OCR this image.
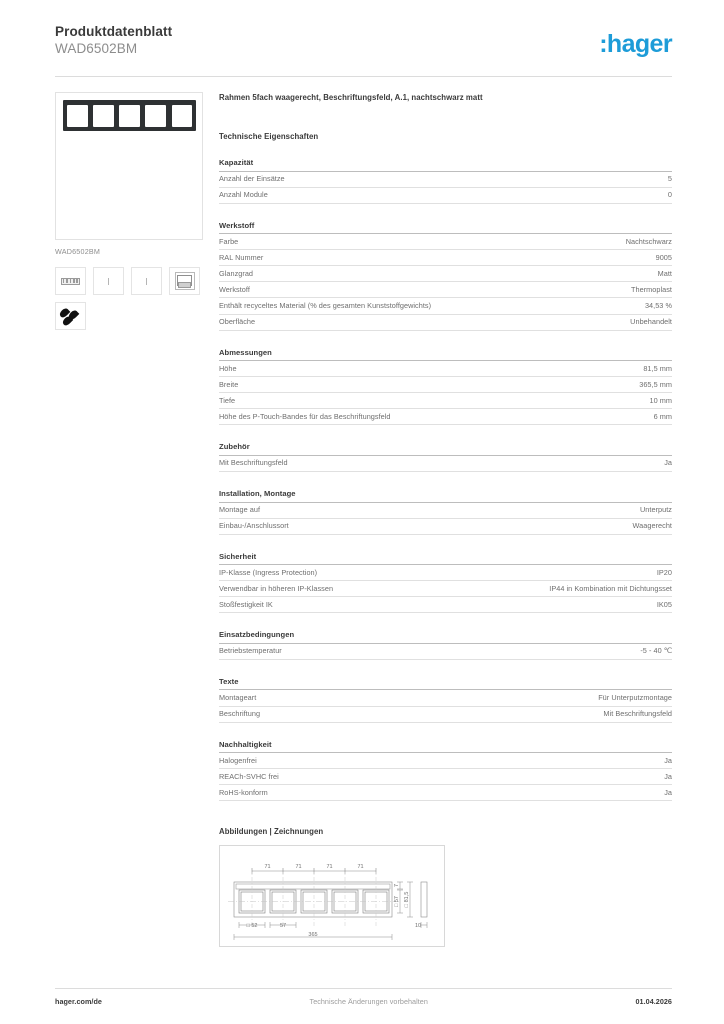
Produktdatenblatt
WAD6502BM	:hager
WAD6502BM
Rahmen 5fach waagerecht, Beschriftungsfeld, A.1, nachtschwarz matt
Technische Eigenschaften
Kapazität
Anzahl der Einsätze	5
Anzahl Module	0
Werkstoff
Farbe	Nachtschwarz
RAL Nummer	9005
Glanzgrad	Matt
Werkstoff	Thermoplast
Enthält recyceltes Material (% des gesamten Kunststoffgewichts)	34,53 %
Oberfläche	Unbehandelt
Abmessungen
Höhe	81,5 mm
Breite	365,5 mm
Tiefe	10 mm
Höhe des P-Touch-Bandes für das Beschriftungsfeld	6 mm
Zubehör
Mit Beschriftungsfeld	Ja
Installation, Montage
Montage auf	Unterputz
Einbau-/Anschlussort	Waagerecht
Sicherheit
IP-Klasse (Ingress Protection)	IP20
Verwendbar in höheren IP-Klassen	IP44 in Kombination mit Dichtungsset
Stoßfestigkeit IK	IK05
Einsatzbedingungen
Betriebstemperatur	-5 - 40 ℃
Texte
Montageart	Für Unterputzmontage
Beschriftung	Mit Beschriftungsfeld
Nachhaltigkeit
Halogenfrei	Ja
REACh-SVHC frei	Ja
RoHS-konform	Ja
Abbildungen | Zeichnungen
71	71	71	71
□ 52	57
365
7
□ 57 □ 81,5
10
hager.com/de	Technische Änderungen vorbehalten	01.04.2026
